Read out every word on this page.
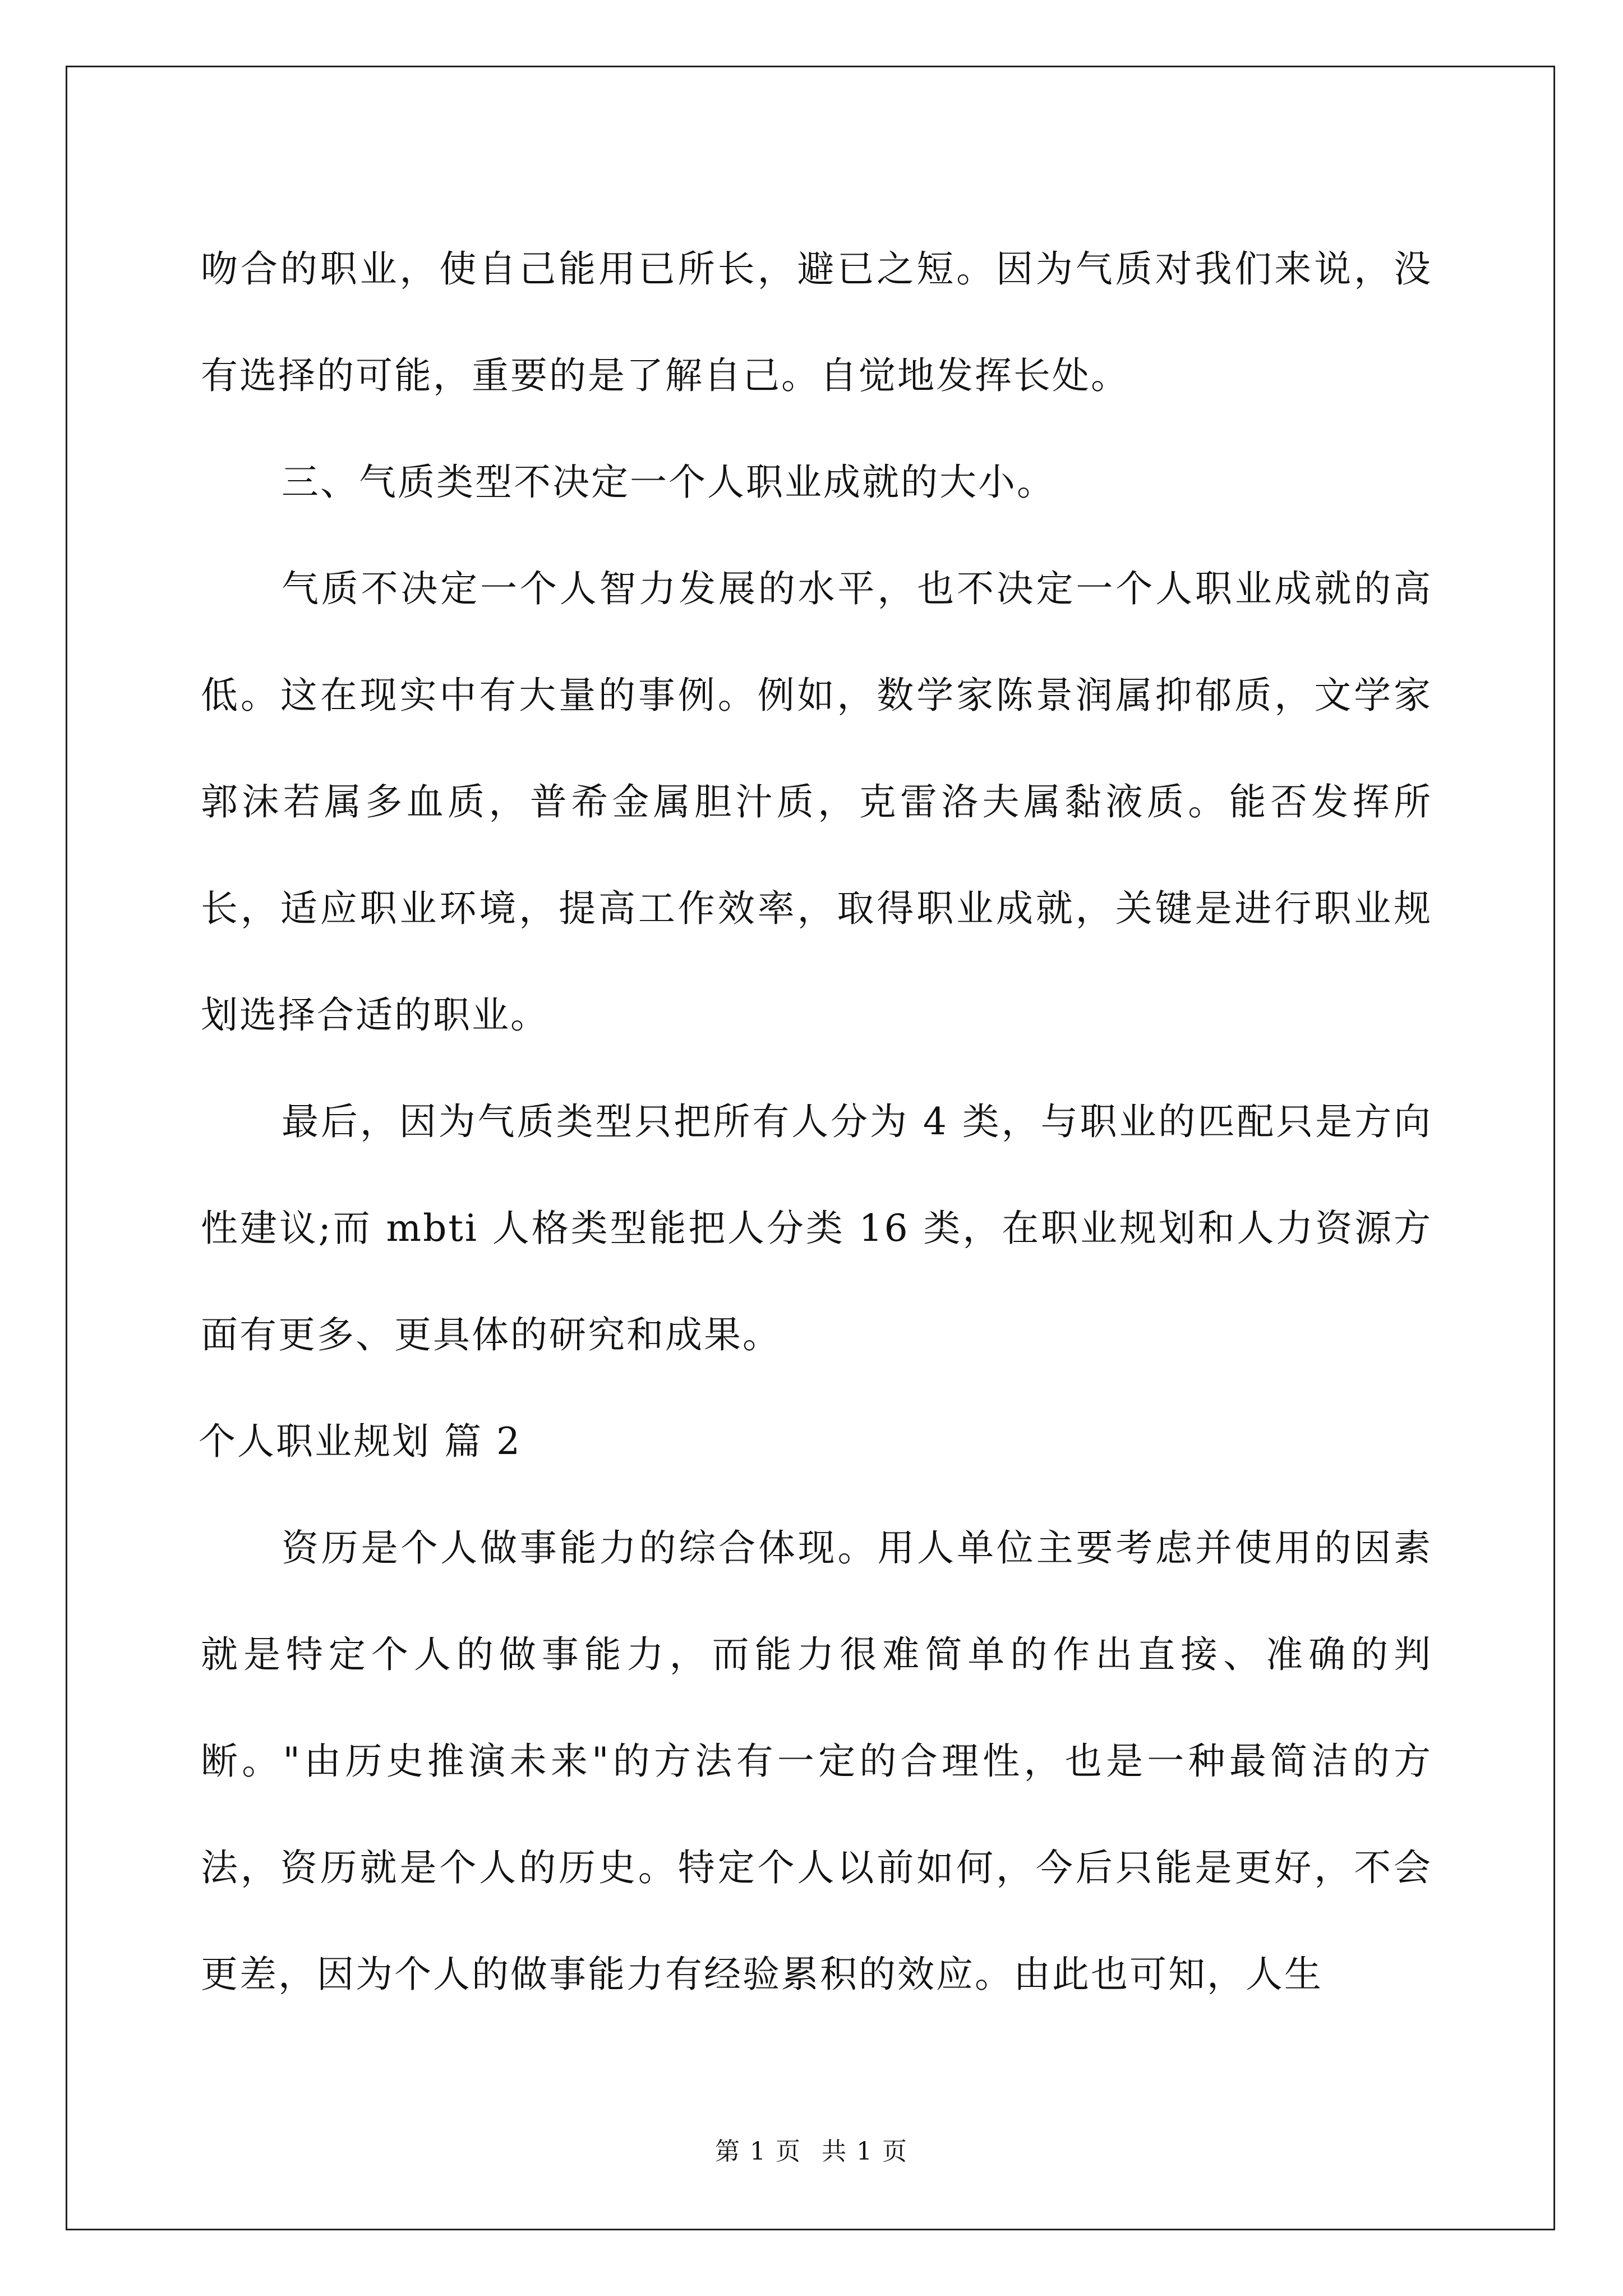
吻合的职业，使自己能用已所长，避已之短。因为气质对我们来说，没有选择的可能，重要的是了解自己。自觉地发挥长处。

三、气质类型不决定一个人职业成就的大小。

气质不决定一个人智力发展的水平，也不决定一个人职业成就的高低。这在现实中有大量的事例。例如，数学家陈景润属抑郁质，文学家郭沫若属多血质，普希金属胆汁质，克雷洛夫属黏液质。能否发挥所长，适应职业环境，提高工作效率，取得职业成就，关键是进行职业规划选择合适的职业。

最后，因为气质类型只把所有人分为 4 类，与职业的匹配只是方向性建议;而 mbti 人格类型能把人分类 16 类，在职业规划和人力资源方面有更多、更具体的研究和成果。

个人职业规划 篇 2

资历是个人做事能力的综合体现。用人单位主要考虑并使用的因素就是特定个人的做事能力，而能力很难简单的作出直接、准确的判断。"由历史推演未来"的方法有一定的合理性，也是一种最简洁的方法，资历就是个人的历史。特定个人以前如何，今后只能是更好，不会更差，因为个人的做事能力有经验累积的效应。由此也可知，人生

第 1 页 共 1 页
